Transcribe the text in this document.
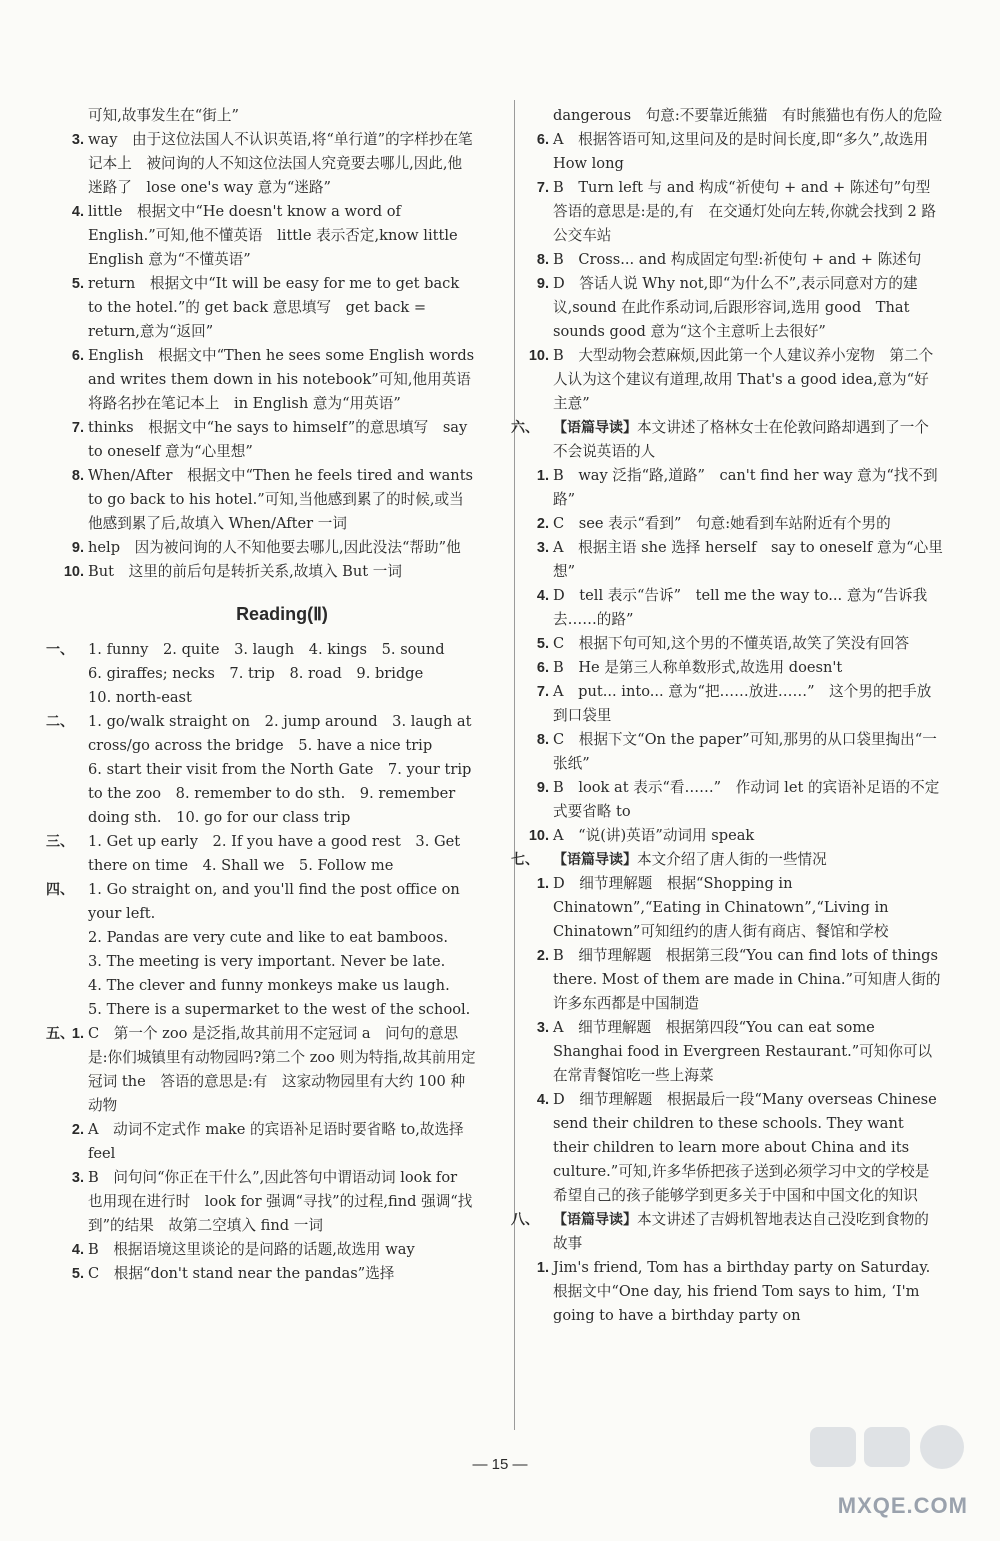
可知,故事发生在“街上”
3. way　由于这位法国人不认识英语,将“单行道”的字样抄在笔记本上　被问询的人不知这位法国人究竟要去哪儿,因此,他迷路了　lose one's way 意为“迷路”
4. little　根据文中“He doesn't know a word of English.”可知,他不懂英语　little 表示否定,know little English 意为“不懂英语”
5. return　根据文中“It will be easy for me to get back to the hotel.”的 get back 意思填写　get back = return,意为“返回”
6. English　根据文中“Then he sees some English words and writes them down in his notebook”可知,他用英语将路名抄在笔记本上　in English 意为“用英语”
7. thinks　根据文中“he says to himself”的意思填写　say to oneself 意为“心里想”
8. When/After　根据文中“Then he feels tired and wants to go back to his hotel.”可知,当他感到累了的时候,或当他感到累了后,故填入 When/After 一词
9. help　因为被问询的人不知他要去哪儿,因此没法“帮助”他
10. But　这里的前后句是转折关系,故填入 But 一词
Reading(Ⅱ)
一、 1. funny　2. quite　3. laugh　4. kings　5. sound
6. giraffes; necks　7. trip　8. road　9. bridge
10. north-east
二、 1. go/walk straight on　2. jump around　3. laugh at
cross/go across the bridge　5. have a nice trip
6. start their visit from the North Gate　7. your trip to the zoo　8. remember to do sth.　9. remember doing sth.　10. go for our class trip
三、 1. Get up early　2. If you have a good rest　3. Get there on time　4. Shall we　5. Follow me
四、 1. Go straight on, and you'll find the post office on your left.
2. Pandas are very cute and like to eat bamboos.
3. The meeting is very important. Never be late.
4. The clever and funny monkeys make us laugh.
5. There is a supermarket to the west of the school.
五、
1. C　第一个 zoo 是泛指,故其前用不定冠词 a　问句的意思是:你们城镇里有动物园吗?第二个 zoo 则为特指,故其前用定冠词 the　答语的意思是:有　这家动物园里有大约 100 种动物
2. A　动词不定式作 make 的宾语补足语时要省略 to,故选择 feel
3. B　问句问“你正在干什么”,因此答句中谓语动词 look for 也用现在进行时　look for 强调“寻找”的过程,find 强调“找到”的结果　故第二空填入 find 一词
4. B　根据语境这里谈论的是问路的话题,故选用 way
5. C　根据“don't stand near the pandas”选择
dangerous　句意:不要靠近熊猫　有时熊猫也有伤人的危险
6. A　根据答语可知,这里问及的是时间长度,即“多久”,故选用 How long
7. B　Turn left 与 and 构成“祈使句 + and + 陈述句”句型　答语的意思是:是的,有　在交通灯处向左转,你就会找到 2 路公交车站
8. B　Cross... and 构成固定句型:祈使句 + and + 陈述句
9. D　答话人说 Why not,即“为什么不”,表示同意对方的建议,sound 在此作系动词,后跟形容词,选用 good　That sounds good 意为“这个主意听上去很好”
10. B　大型动物会惹麻烦,因此第一个人建议养小宠物　第二个人认为这个建议有道理,故用 That's a good idea,意为“好主意”
六、 【语篇导读】本文讲述了格林女士在伦敦问路却遇到了一个不会说英语的人
1. B　way 泛指“路,道路”　can't find her way 意为“找不到路”
2. C　see 表示“看到”　句意:她看到车站附近有个男的
3. A　根据主语 she 选择 herself　say to oneself 意为“心里想”
4. D　tell 表示“告诉”　tell me the way to... 意为“告诉我去……的路”
5. C　根据下句可知,这个男的不懂英语,故笑了笑没有回答
6. B　He 是第三人称单数形式,故选用 doesn't
7. A　put... into... 意为“把……放进……”　这个男的把手放到口袋里
8. C　根据下文“On the paper”可知,那男的从口袋里掏出“一张纸”
9. B　look at 表示“看……”　作动词 let 的宾语补足语的不定式要省略 to
10. A　“说(讲)英语”动词用 speak
七、 【语篇导读】本文介绍了唐人街的一些情况
1. D　细节理解题　根据“Shopping in Chinatown”,“Eating in Chinatown”,“Living in Chinatown”可知纽约的唐人街有商店、餐馆和学校
2. B　细节理解题　根据第三段“You can find lots of things there. Most of them are made in China.”可知唐人街的许多东西都是中国制造
3. A　细节理解题　根据第四段“You can eat some Shanghai food in Evergreen Restaurant.”可知你可以在常青餐馆吃一些上海菜
4. D　细节理解题　根据最后一段“Many overseas Chinese send their children to these schools. They want their children to learn more about China and its culture.”可知,许多华侨把孩子送到必须学习中文的学校是希望自己的孩子能够学到更多关于中国和中国文化的知识
八、 【语篇导读】本文讲述了吉姆机智地表达自己没吃到食物的故事
1. Jim's friend, Tom has a birthday party on Saturday. 根据文中“One day, his friend Tom says to him, ‘I'm going to have a birthday party on
— 15 —
MXQE.COM
